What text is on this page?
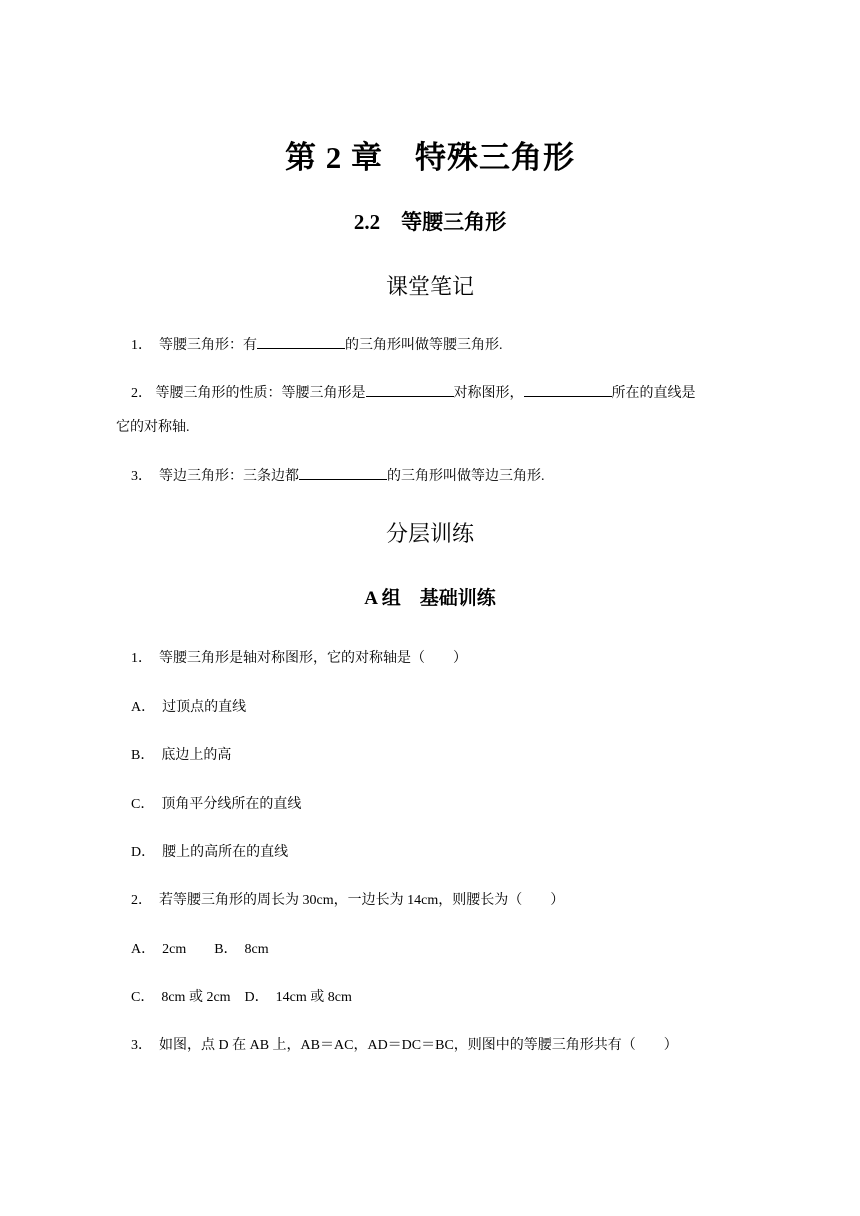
第 2 章　特殊三角形
2.2　等腰三角形
课堂笔记
1． 等腰三角形：有	的三角形叫做等腰三角形.
2． 等腰三角形的性质：等腰三角形是	对称图形，	所在的直线是
它的对称轴.
3． 等边三角形：三条边都	的三角形叫做等边三角形.
分层训练
A 组　基础训练
1．　等腰三角形是轴对称图形，它的对称轴是（　　）
A．　过顶点的直线
B．　底边上的高
C．　顶角平分线所在的直线
D．　腰上的高所在的直线
2．　若等腰三角形的周长为 30cm，一边长为 14cm，则腰长为（　　）
A．　2cm　　B．　8cm
C．　8cm 或 2cm　D．　14cm 或 8cm
3．　如图，点 D 在 AB 上，AB＝AC，AD＝DC＝BC，则图中的等腰三角形共有（　　）
